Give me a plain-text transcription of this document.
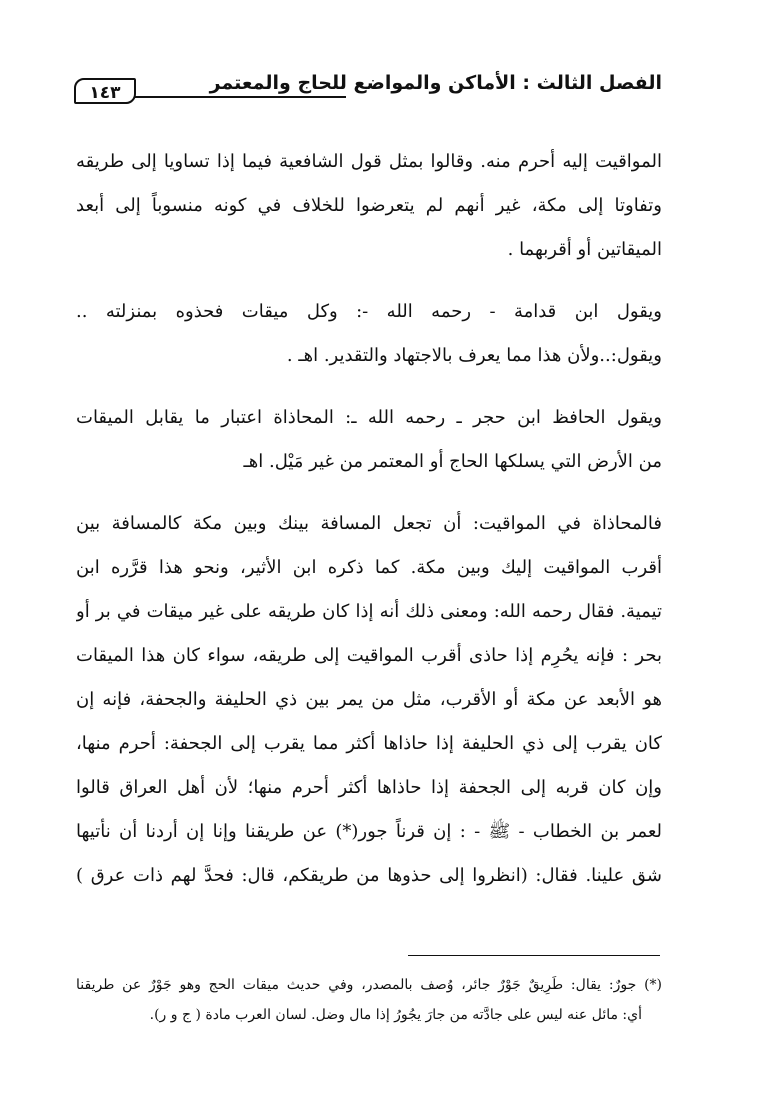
١٤٣	الفصل الثالث : الأماكن والمواضع للحاج والمعتمر
المواقيت إليه أحرم منه. وقالوا بمثل قول الشافعية فيما إذا تساويا إلى طريقه
وتفاوتا إلى مكة، غير أنهم لم يتعرضوا للخلاف في كونه منسوباً إلى أبعد
الميقاتين أو أقربهما .
ويقول ابن قدامة - رحمه الله -: وكل ميقات فحذوه بمنزلته ..
ويقول:..ولأن هذا مما يعرف بالاجتهاد والتقدير. اهـ .
ويقول الحافظ ابن حجر ـ رحمه الله ـ: المحاذاة اعتبار ما يقابل الميقات
من الأرض التي يسلكها الحاج أو المعتمر من غير مَيْل. اهـ
فالمحاذاة في المواقيت: أن تجعل المسافة بينك وبين مكة كالمسافة بين
أقرب المواقيت إليك وبين مكة. كما ذكره ابن الأثير، ونحو هذا قرَّره ابن
تيمية. فقال رحمه الله: ومعنى ذلك أنه إذا كان طريقه على غير ميقات في بر أو
بحر : فإنه يحُرِم إذا حاذى أقرب المواقيت إلى طريقه، سواء كان هذا الميقات
هو الأبعد عن مكة أو الأقرب، مثل من يمر بين ذي الحليفة والجحفة، فإنه إن
كان يقرب إلى ذي الحليفة إذا حاذاها أكثر مما يقرب إلى الجحفة: أحرم منها،
وإن كان قربه إلى الجحفة إذا حاذاها أكثر أحرم منها؛ لأن أهل العراق قالوا
لعمر بن الخطاب - ﷺ - : إن قرناً جور(*) عن طريقنا وإنا إن أردنا أن نأتيها
شق علينا. فقال: (انظروا إلى حذوها من طريقكم، قال: فحدَّ لهم ذات عرق )
(*) جورٌ: يقال: طَرِيقٌ جَوْرٌ جائر، وُصف بالمصدر، وفي حديث ميقات الحج وهو جَوْرٌ عن طريقنا
أي: مائل عنه ليس على جادَّته من جارَ يجُورُ إذا مال وضل. لسان العرب مادة ( ج و ر).
